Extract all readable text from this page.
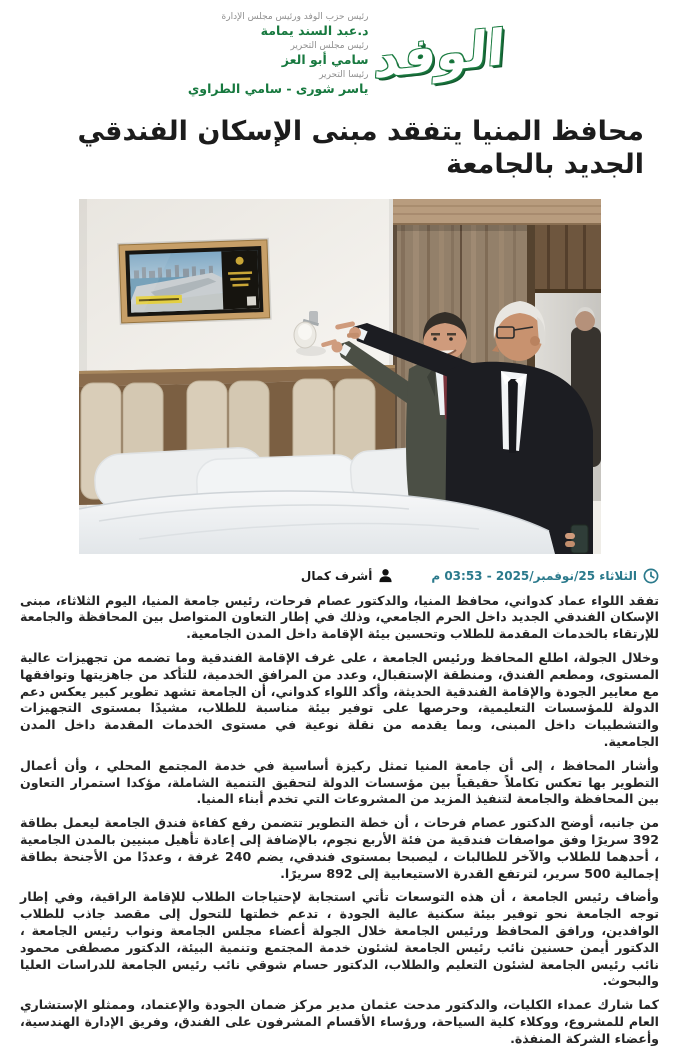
الوفد
رئيس حزب الوفد ورئيس مجلس الإدارة
د.عبد السند يمامة
رئيس مجلس التحرير
سامي أبو العز
رئيسا التحرير
ياسر شورى - سامي الطراوي
محافظ المنيا يتفقد مبنى الإسكان الفندقي الجديد بالجامعة
الثلاثاء 25/نوفمبر/2025 - 03:53 م
أشرف كمال

تفقد اللواء عماد كدواني، محافظ المنيا، والدكتور عصام فرحات، رئيس جامعة المنيا، اليوم الثلاثاء، مبنى الإسكان الفندقي الجديد داخل الحرم الجامعي، وذلك في إطار التعاون المتواصل بين المحافظة والجامعة للإرتقاء بالخدمات المقدمة للطلاب وتحسين بيئة الإقامة داخل المدن الجامعية.

وخلال الجولة، اطلع المحافظ ورئيس الجامعة ، على غرف الإقامة الفندقية وما تضمه من تجهيزات عالية المستوى، ومطعم الفندق، ومنطقة الإستقبال، وعدد من المرافق الخدمية، للتأكد من جاهزيتها وتوافقها مع معايير الجودة والإقامة الفندقية الحديثة، وأكد اللواء كدواني، أن الجامعة تشهد تطوير كبير يعكس دعم الدولة للمؤسسات التعليمية، وحرصها على توفير بيئة مناسبة للطلاب، مشيدًا بمستوى التجهيزات والتشطيبات داخل المبنى، وبما يقدمه من نقلة نوعية في مستوى الخدمات المقدمة داخل المدن الجامعية.

وأشار المحافظ ، إلى أن جامعة المنيا تمثل ركيزة أساسية في خدمة المجتمع المحلي ، وأن أعمال التطوير بها تعكس تكاملاً حقيقياً بين مؤسسات الدولة لتحقيق التنمية الشاملة، مؤكدا استمرار التعاون بين المحافظة والجامعة لتنفيذ المزيد من المشروعات التي تخدم أبناء المنيا.

من جانبه، أوضح الدكتور عصام فرحات ، أن خطة التطوير تتضمن رفع كفاءة فندق الجامعة ليعمل بطاقة 392 سريرًا وفق مواصفات فندقية من فئة الأربع نجوم، بالإضافة إلى إعادة تأهيل مبنيين بالمدن الجامعية ، أحدهما للطلاب والآخر للطالبات ، ليصبحا بمستوى فندقي، يضم 240 غرفة ، وعددًا من الأجنحة بطاقة إجمالية 500 سرير، لترتفع القدرة الاستيعابية إلى 892 سريرًا.

وأضاف رئيس الجامعة ، أن هذه التوسعات تأتي استجابة لإحتياجات الطلاب للإقامة الراقية، وفي إطار توجه الجامعة نحو توفير بيئة سكنية عالية الجودة ، تدعم خطتها للتحول إلى مقصد جاذب للطلاب الوافدين، ورافق المحافظ ورئيس الجامعة خلال الجولة أعضاء مجلس الجامعة ونواب رئيس الجامعة ، الدكتور أيمن حسنين نائب رئيس الجامعة لشئون خدمة المجتمع وتنمية البيئة، الدكتور مصطفى محمود نائب رئيس الجامعة لشئون التعليم والطلاب، الدكتور حسام شوقي نائب رئيس الجامعة للدراسات العليا والبحوث.

كما شارك عمداء الكليات، والدكتور مدحت عثمان مدير مركز ضمان الجودة والإعتماد، وممثلو الإستشاري العام للمشروع، ووكلاء كلية السياحة، ورؤساء الأقسام المشرفون على الفندق، وفريق الإدارة الهندسية، وأعضاء الشركة المنفذة.
